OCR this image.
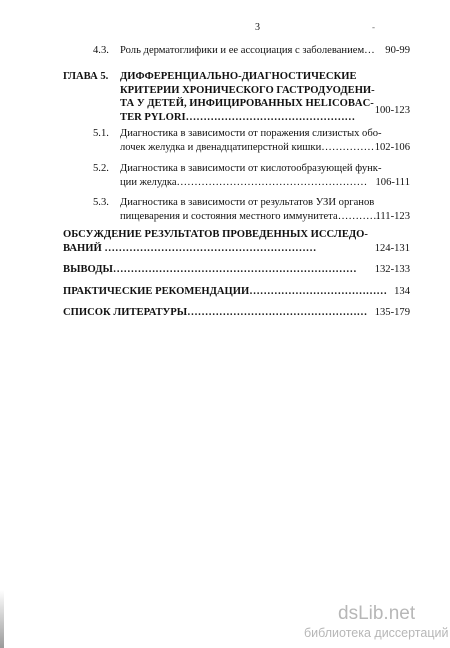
3	-
4.3. Роль дерматоглифики и ее ассоциация с заболеванием… 90-99
ГЛАВА 5. ДИФФЕРЕНЦИАЛЬНО-ДИАГНОСТИЧЕСКИЕ
КРИТЕРИИ ХРОНИЧЕСКОГО ГАСТРОДУОДЕНИ-
ТА У ДЕТЕЙ, ИНФИЦИРОВАННЫХ HELICOBAC-
TER PYLORI…………………………………………
100-123
5.1. Диагностика в зависимости от поражения слизистых обо-
лочек желудка и двенадцатиперстной кишки…………… 102-106
5.2. Диагностика в зависимости от кислотообразующей функ-
ции желудка……………………………………………… 106-111
5.3. Диагностика в зависимости от результатов УЗИ органов
пищеварения и состояния местного иммунитета…………
111-123
ОБСУЖДЕНИЕ РЕЗУЛЬТАТОВ ПРОВЕДЕННЫХ ИССЛЕДО-
ВАНИЙ ……………………………………………………	124-131
ВЫВОДЫ…………………………………………………………… 132-133
ПРАКТИЧЕСКИЕ РЕКОМЕНДАЦИИ………………………………… 134
СПИСОК ЛИТЕРАТУРЫ…………………………………………… 135-179
dsLib.net
библиотека диссертаций
